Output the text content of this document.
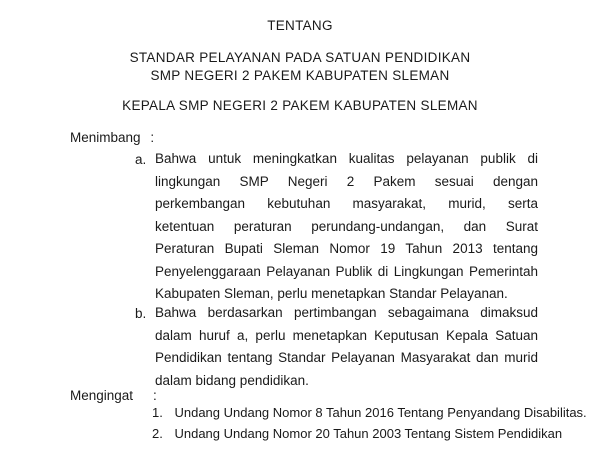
TENTANG
STANDAR PELAYANAN PADA SATUAN PENDIDIKAN
SMP NEGERI 2 PAKEM KABUPATEN SLEMAN
KEPALA SMP NEGERI 2 PAKEM KABUPATEN SLEMAN
Menimbang :
a. Bahwa untuk meningkatkan kualitas pelayanan publik di
lingkungan SMP Negeri 2 Pakem sesuai dengan
perkembangan kebutuhan masyarakat, murid, serta
ketentuan peraturan perundang-undangan, dan Surat
Peraturan Bupati Sleman Nomor 19 Tahun 2013 tentang
Penyelenggaraan Pelayanan Publik di Lingkungan Pemerintah
Kabupaten Sleman, perlu menetapkan Standar Pelayanan.
b. Bahwa berdasarkan pertimbangan sebagaimana dimaksud
dalam huruf a, perlu menetapkan Keputusan Kepala Satuan
Pendidikan tentang Standar Pelayanan Masyarakat dan murid
dalam bidang pendidikan.
Mengingat :
1. Undang Undang Nomor 8 Tahun 2016 Tentang Penyandang Disabilitas.
2. Undang Undang Nomor 20 Tahun 2003 Tentang Sistem Pendidikan
